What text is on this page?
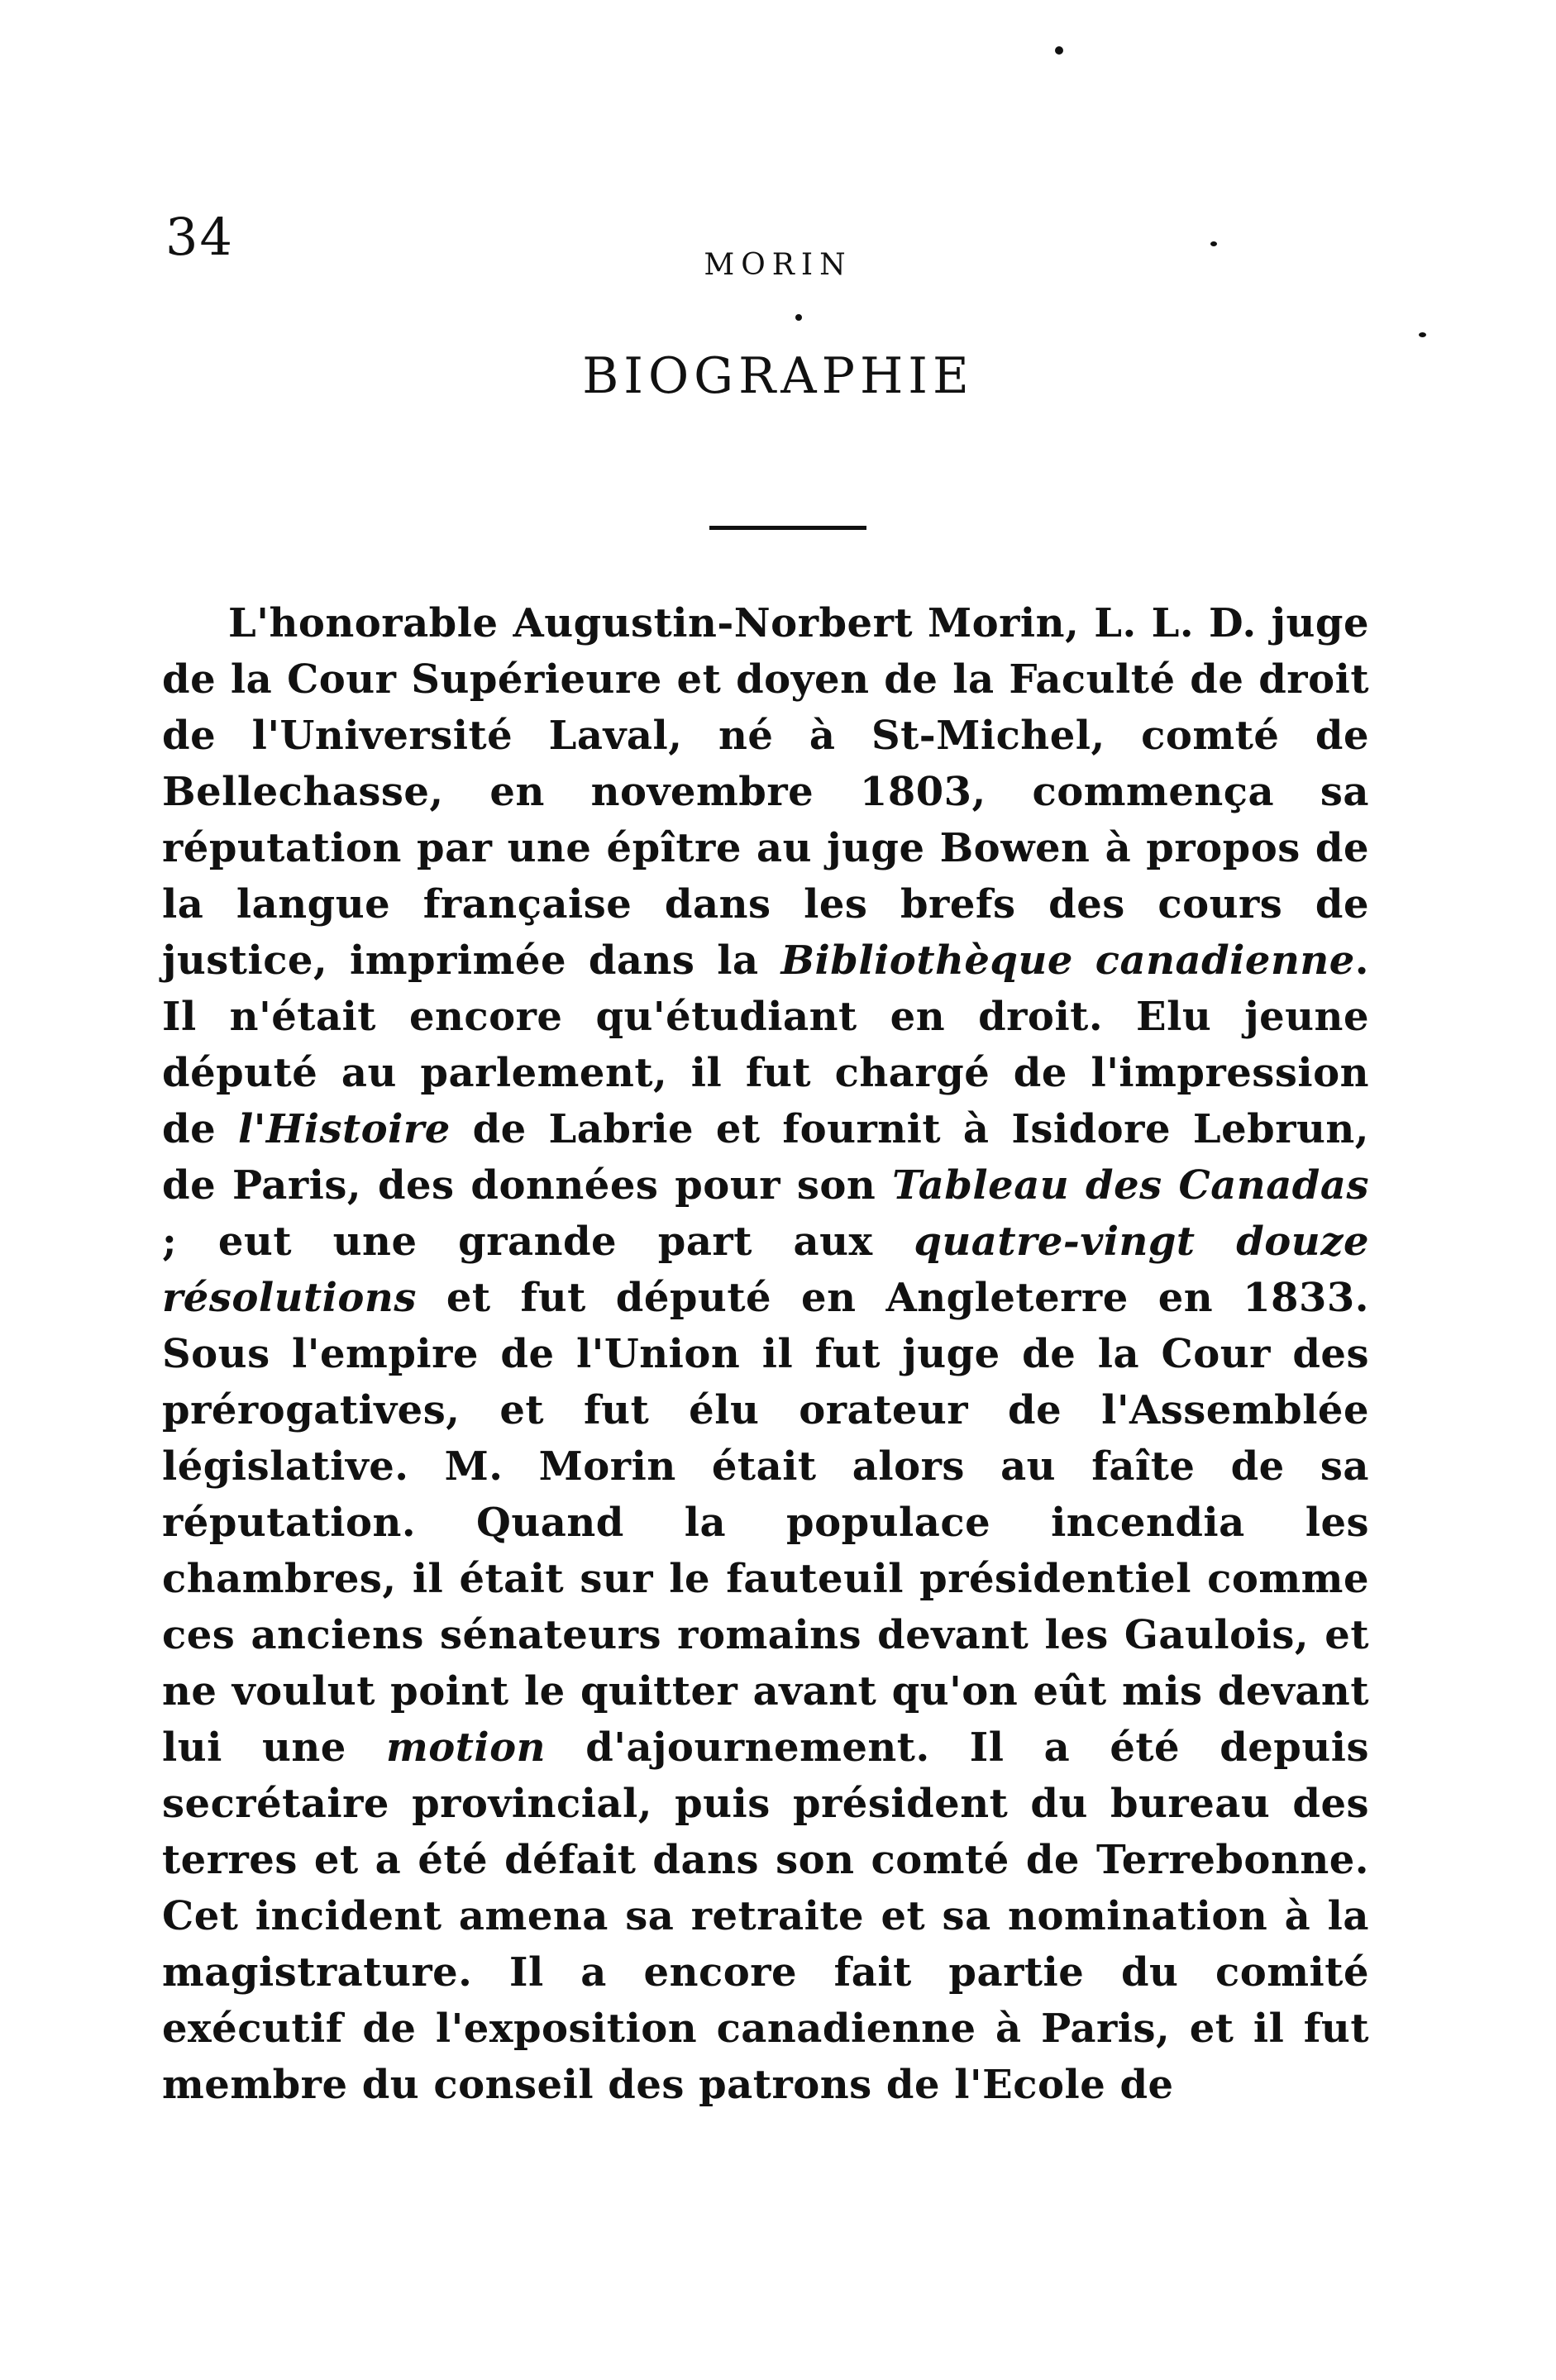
34	MORIN
BIOGRAPHIE

L'honorable Augustin-Norbert Morin, L. L. D. juge de la Cour Supérieure et doyen de la Faculté de droit de l'Université Laval, né à St-Michel, comté de Bellechasse, en novembre 1803, commença sa réputation par une épître au juge Bowen à propos de la langue française dans les brefs des cours de justice, imprimée dans la Bibliothèque canadienne. Il n'était encore qu'étudiant en droit. Elu jeune député au parlement, il fut chargé de l'impression de l'Histoire de Labrie et fournit à Isidore Lebrun, de Paris, des données pour son Tableau des Canadas ; eut une grande part aux quatre-vingt douze résolutions et fut député en Angleterre en 1833. Sous l'empire de l'Union il fut juge de la Cour des prérogatives, et fut élu orateur de l'Assemblée législative. M. Morin était alors au faîte de sa réputation. Quand la populace incendia les chambres, il était sur le fauteuil présidentiel comme ces anciens sénateurs romains devant les Gaulois, et ne voulut point le quitter avant qu'on eût mis devant lui une motion d'ajournement. Il a été depuis secrétaire provincial, puis président du bureau des terres et a été défait dans son comté de Terrebonne. Cet incident amena sa retraite et sa nomination à la magistrature. Il a encore fait partie du comité exécutif de l'exposition canadienne à Paris, et il fut membre du conseil des patrons de l'Ecole de
